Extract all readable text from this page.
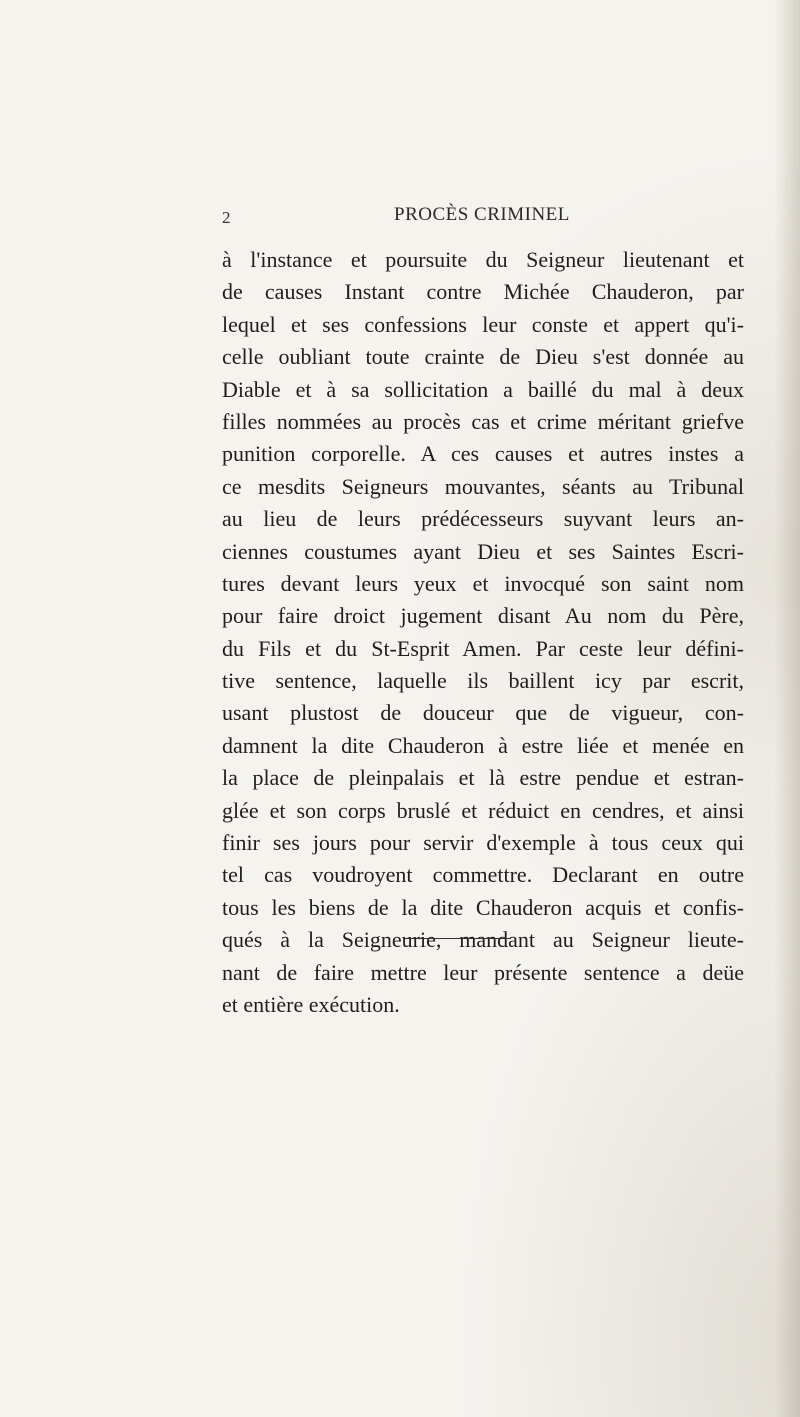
2	PROCÈS CRIMINEL
à l'instance et poursuite du Seigneur lieutenant et
de causes Instant contre Michée Chauderon, par
lequel et ses confessions leur conste et appert qu'i-
celle oubliant toute crainte de Dieu s'est donnée au
Diable et à sa sollicitation a baillé du mal à deux
filles nommées au procès cas et crime méritant griefve
punition corporelle. A ces causes et autres instes a
ce mesdits Seigneurs mouvantes, séants au Tribunal
au lieu de leurs prédécesseurs suyvant leurs an-
ciennes coustumes ayant Dieu et ses Saintes Escri-
tures devant leurs yeux et invocqué son saint nom
pour faire droict jugement disant Au nom du Père,
du Fils et du St-Esprit Amen. Par ceste leur défini-
tive sentence, laquelle ils baillent icy par escrit,
usant plustost de douceur que de vigueur, con-
damnent la dite Chauderon à estre liée et menée en
la place de pleinpalais et là estre pendue et estran-
glée et son corps bruslé et réduict en cendres, et ainsi
finir ses jours pour servir d'exemple à tous ceux qui
tel cas voudroyent commettre. Declarant en outre
tous les biens de la dite Chauderon acquis et confis-
qués à la Seigneurie, mandant au Seigneur lieute-
nant de faire mettre leur présente sentence a deüe
et entière exécution.
